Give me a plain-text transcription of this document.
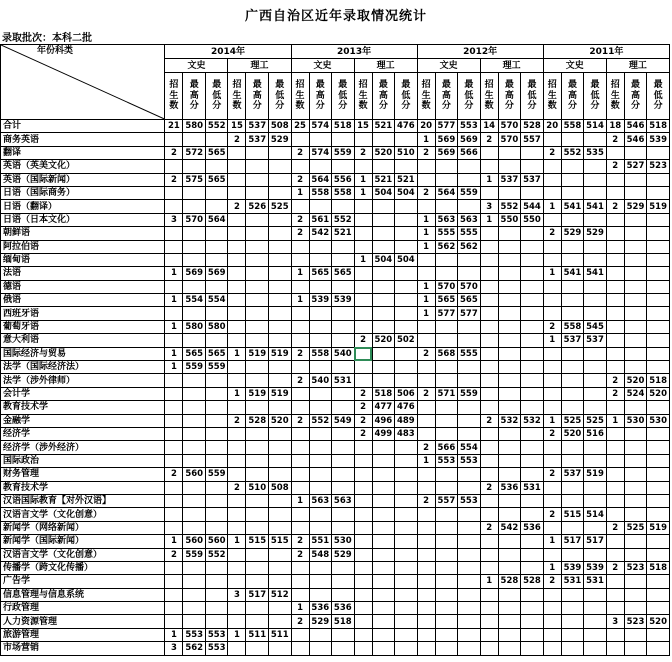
广西自治区近年录取情况统计
录取批次：本科二批
年份科类	2014年						2013年						2012年						2011年					
	文史			理工			文史			理工			文史			理工			文史			理工		
	招生数	最高分	最低分	招生数	最高分	最低分	招生数	最高分	最低分	招生数	最高分	最低分	招生数	最高分	最低分	招生数	最高分	最低分	招生数	最高分	最低分	招生数	最高分	最低分
合计	21	580	552	15	537	508	25	574	518	15	521	476	20	577	553	14	570	528	20	558	514	18	546	518
商务英语				2	537	529							1	569	569	2	570	557				2	546	539
翻译	2	572	565				2	574	559	2	520	510	2	569	566				2	552	535			
英语（英美文化）																						2	527	523
英语（国际新闻）	2	575	565				2	564	556	1	521	521				1	537	537						
日语（国际商务）							1	558	558	1	504	504	2	564	559									
日语（翻译）				2	526	525										3	552	544	1	541	541	2	529	519
日语（日本文化）	3	570	564				2	561	552				1	563	563	1	550	550						
朝鲜语							2	542	521				1	555	555				2	529	529			
阿拉伯语													1	562	562									
缅甸语										1	504	504												
法语	1	569	569				1	565	565										1	541	541			
德语													1	570	570									
俄语	1	554	554				1	539	539				1	565	565									
西班牙语													1	577	577									
葡萄牙语	1	580	580																2	558	545			
意大利语										2	520	502							1	537	537			
国际经济与贸易	1	565	565	1	519	519	2	558	540				2	568	555									
法学（国际经济法）	1	559	559																					
法学（涉外律师）							2	540	531													2	520	518
会计学				1	519	519				2	518	506	2	571	559							2	524	520
教育技术学										2	477	476												
金融学				2	528	520	2	552	549	2	496	489				2	532	532	1	525	525	1	530	530
经济学										2	499	483							2	520	516			
经济学（涉外经济）													2	566	554									
国际政治													1	553	553									
财务管理	2	560	559																2	537	519			
教育技术学				2	510	508										2	536	531						
汉语国际教育【对外汉语】							1	563	563				2	557	553									
汉语言文学（文化创意）																			2	515	514			
新闻学（网络新闻）																2	542	536				2	525	519
新闻学（国际新闻）	1	560	560	1	515	515	2	551	530										1	517	517			
汉语言文学（文化创意）	2	559	552				2	548	529															
传播学（跨文化传播）																			1	539	539	2	523	518
广告学																1	528	528	2	531	531			
信息管理与信息系统				3	517	512																		
行政管理							1	536	536															
人力资源管理							2	529	518													3	523	520
旅游管理	1	553	553	1	511	511																		
市场营销	3	562	553																					
